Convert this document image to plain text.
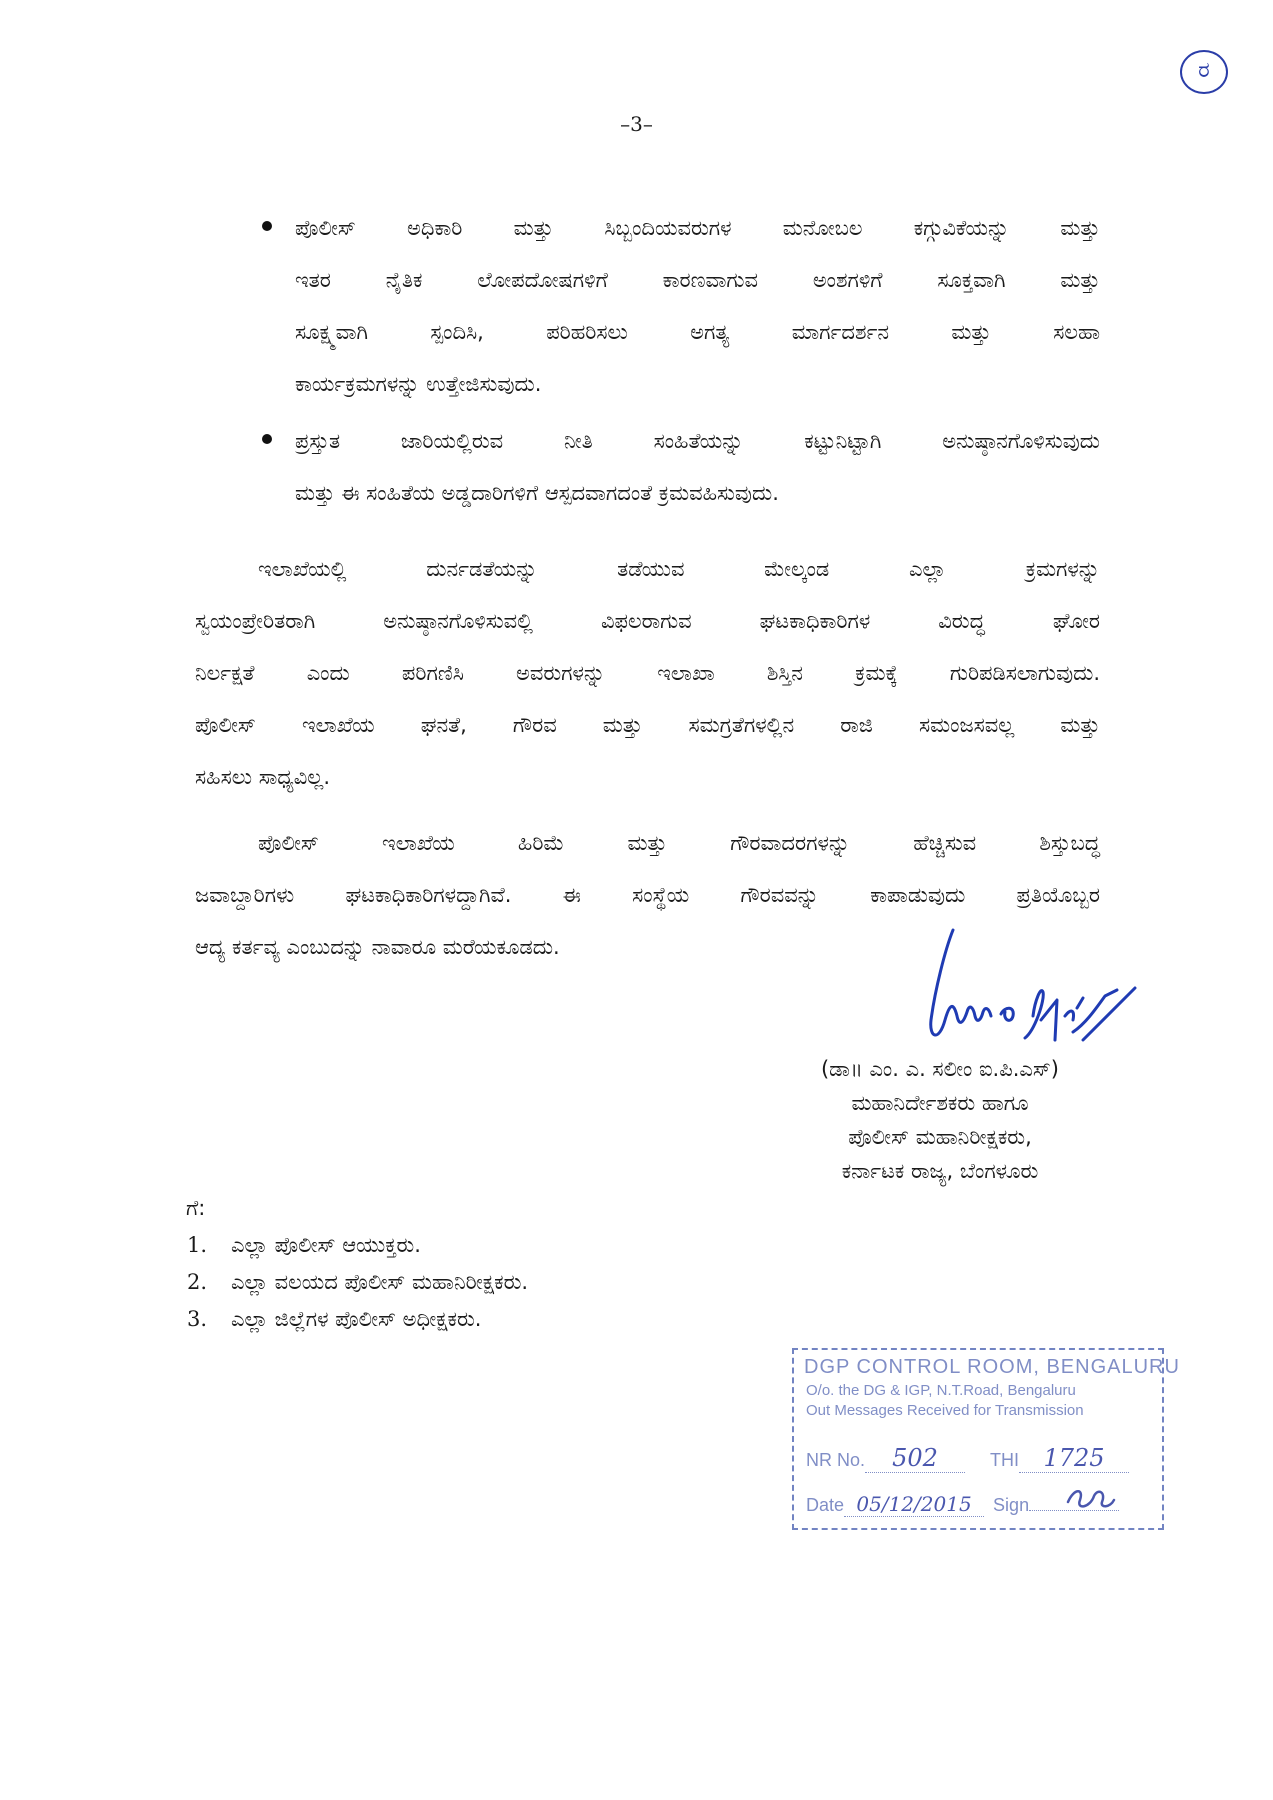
ರ
–3–
ಪೊಲೀಸ್ ಅಧಿಕಾರಿ ಮತ್ತು ಸಿಬ್ಬಂದಿಯವರುಗಳ ಮನೋಬಲ ಕಗ್ಗುವಿಕೆಯನ್ನು ಮತ್ತು
ಇತರ ನೈತಿಕ ಲೋಪದೋಷಗಳಿಗೆ ಕಾರಣವಾಗುವ ಅಂಶಗಳಿಗೆ ಸೂಕ್ತವಾಗಿ ಮತ್ತು
ಸೂಕ್ಷ್ಮವಾಗಿ ಸ್ಪಂದಿಸಿ, ಪರಿಹರಿಸಲು ಅಗತ್ಯ ಮಾರ್ಗದರ್ಶನ ಮತ್ತು ಸಲಹಾ
ಕಾರ್ಯಕ್ರಮಗಳನ್ನು ಉತ್ತೇಜಿಸುವುದು.
ಪ್ರಸ್ತುತ ಜಾರಿಯಲ್ಲಿರುವ ನೀತಿ ಸಂಹಿತೆಯನ್ನು ಕಟ್ಟುನಿಟ್ಟಾಗಿ ಅನುಷ್ಠಾನಗೊಳಿಸುವುದು
ಮತ್ತು ಈ ಸಂಹಿತೆಯ ಅಡ್ಡದಾರಿಗಳಿಗೆ ಆಸ್ಪದವಾಗದಂತೆ ಕ್ರಮವಹಿಸುವುದು.
ಇಲಾಖೆಯಲ್ಲಿ ದುರ್ನಡತೆಯನ್ನು ತಡೆಯುವ ಮೇಲ್ಕಂಡ ಎಲ್ಲಾ ಕ್ರಮಗಳನ್ನು
ಸ್ವಯಂಪ್ರೇರಿತರಾಗಿ ಅನುಷ್ಠಾನಗೊಳಿಸುವಲ್ಲಿ ವಿಫಲರಾಗುವ ಘಟಕಾಧಿಕಾರಿಗಳ ವಿರುದ್ಧ ಘೋರ
ನಿರ್ಲಕ್ಷತೆ ಎಂದು ಪರಿಗಣಿಸಿ ಅವರುಗಳನ್ನು ಇಲಾಖಾ ಶಿಸ್ತಿನ ಕ್ರಮಕ್ಕೆ ಗುರಿಪಡಿಸಲಾಗುವುದು.
ಪೊಲೀಸ್ ಇಲಾಖೆಯ ಘನತೆ, ಗೌರವ ಮತ್ತು ಸಮಗ್ರತೆಗಳಲ್ಲಿನ ರಾಜಿ ಸಮಂಜಸವಲ್ಲ ಮತ್ತು
ಸಹಿಸಲು ಸಾಧ್ಯವಿಲ್ಲ.
ಪೊಲೀಸ್ ಇಲಾಖೆಯ ಹಿರಿಮೆ ಮತ್ತು ಗೌರವಾದರಗಳನ್ನು ಹೆಚ್ಚಿಸುವ ಶಿಸ್ತುಬದ್ಧ
ಜವಾಬ್ದಾರಿಗಳು ಘಟಕಾಧಿಕಾರಿಗಳದ್ದಾಗಿವೆ. ಈ ಸಂಸ್ಥೆಯ ಗೌರವವನ್ನು ಕಾಪಾಡುವುದು ಪ್ರತಿಯೊಬ್ಬರ
ಆದ್ಯ ಕರ್ತವ್ಯ ಎಂಬುದನ್ನು ನಾವಾರೂ ಮರೆಯಕೂಡದು.
(ಡಾ॥ ಎಂ. ಎ. ಸಲೀಂ ಐ.ಪಿ.ಎಸ್)
ಮಹಾನಿರ್ದೇಶಕರು ಹಾಗೂ
ಪೊಲೀಸ್ ಮಹಾನಿರೀಕ್ಷಕರು,
ಕರ್ನಾಟಕ ರಾಜ್ಯ, ಬೆಂಗಳೂರು
ಗೆ:
1. ಎಲ್ಲಾ ಪೊಲೀಸ್ ಆಯುಕ್ತರು.
2. ಎಲ್ಲಾ ವಲಯದ ಪೊಲೀಸ್ ಮಹಾನಿರೀಕ್ಷಕರು.
3. ಎಲ್ಲಾ ಜಿಲ್ಲೆಗಳ ಪೊಲೀಸ್ ಅಧೀಕ್ಷಕರು.
DGP CONTROL ROOM, BENGALURU
O/o. the DG & IGP, N.T.Road, Bengaluru
Out Messages Received for Transmission
NR No. 502	THI 1725
Date 05/12/2015 Sign
